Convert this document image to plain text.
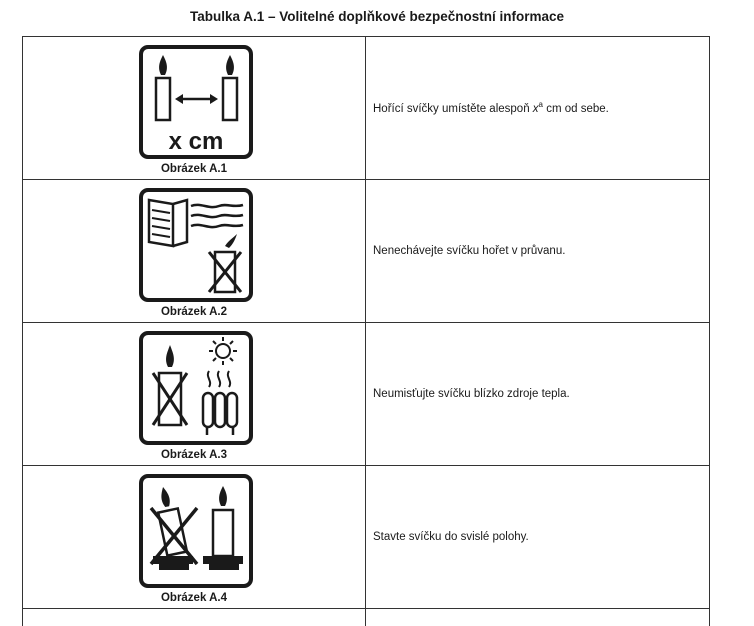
Tabulka A.1 – Volitelné doplňkové bezpečnostní informace
x cm
Obrázek A.1
Hořící svíčky umístěte alespoň $x^a$ cm od sebe.
Obrázek A.2
Nenechávejte svíčku hořet v průvanu.
Obrázek A.3
Neumisťujte svíčku blízko zdroje tepla.
Obrázek A.4
Stavte svíčku do svislé polohy.
